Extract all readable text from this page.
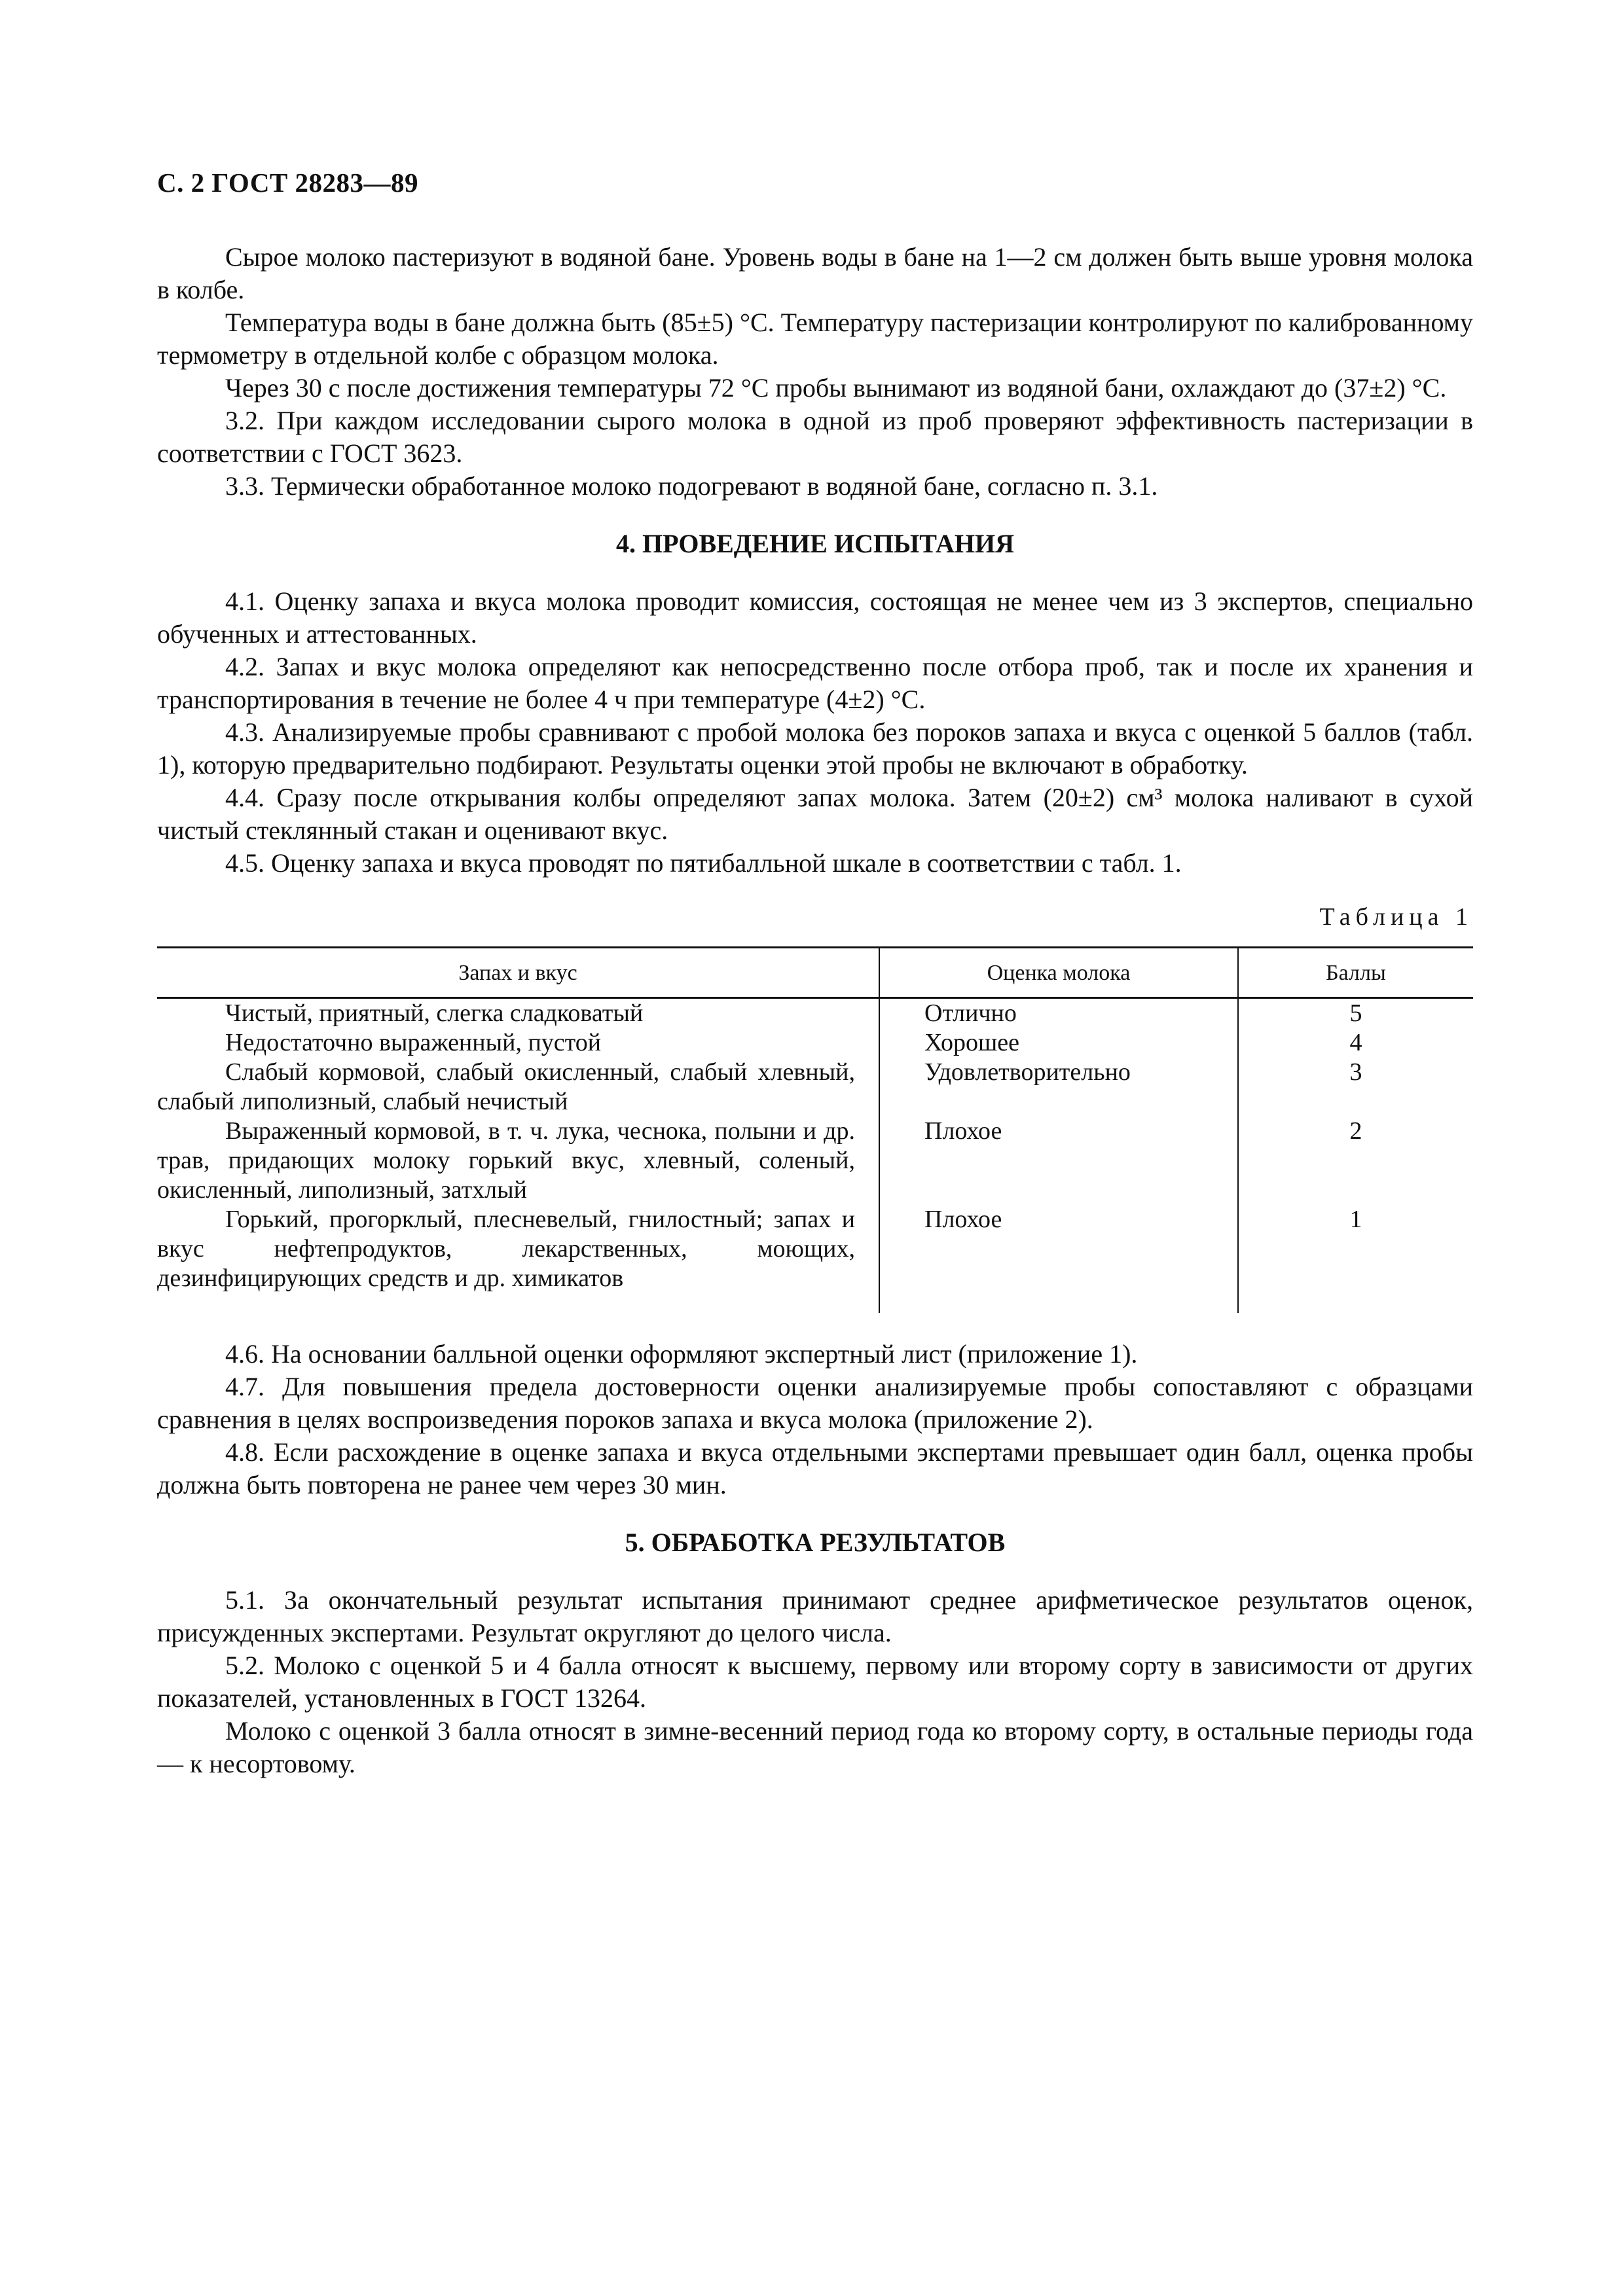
С. 2 ГОСТ 28283—89

Сырое молоко пастеризуют в водяной бане. Уровень воды в бане на 1—2 см должен быть выше уровня молока в колбе.

Температура воды в бане должна быть (85±5) °С. Температуру пастеризации контролируют по калиброванному термометру в отдельной колбе с образцом молока.

Через 30 с после достижения температуры 72 °С пробы вынимают из водяной бани, охлаждают до (37±2) °С.

3.2. При каждом исследовании сырого молока в одной из проб проверяют эффективность пастеризации в соответствии с ГОСТ 3623.

3.3. Термически обработанное молоко подогревают в водяной бане, согласно п. 3.1.

4. ПРОВЕДЕНИЕ ИСПЫТАНИЯ

4.1. Оценку запаха и вкуса молока проводит комиссия, состоящая не менее чем из 3 экспертов, специально обученных и аттестованных.

4.2. Запах и вкус молока определяют как непосредственно после отбора проб, так и после их хранения и транспортирования в течение не более 4 ч при температуре (4±2) °С.

4.3. Анализируемые пробы сравнивают с пробой молока без пороков запаха и вкуса с оценкой 5 баллов (табл. 1), которую предварительно подбирают. Результаты оценки этой пробы не включают в обработку.

4.4. Сразу после открывания колбы определяют запах молока. Затем (20±2) см³ молока наливают в сухой чистый стеклянный стакан и оценивают вкус.

4.5. Оценку запаха и вкуса проводят по пятибалльной шкале в соответствии с табл. 1.

Таблица 1
Запах и вкус	Оценка молока	Баллы

Чистый, приятный, слегка сладковатый	Отлично	5

Недостаточно выраженный, пустой	Хорошее	4

Слабый кормовой, слабый окисленный, слабый хлевный, слабый липолизный, слабый нечистый	Удовлетворительно	3

Выраженный кормовой, в т. ч. лука, чеснока, полыни и др. трав, придающих молоку горький вкус, хлевный, соленый, окисленный, липолизный, затхлый	Плохое	2

Горький, прогорклый, плесневелый, гнилостный; запах и вкус нефтепродуктов, лекарственных, моющих, дезинфицирующих средств и др. химикатов	Плохое	1

4.6. На основании балльной оценки оформляют экспертный лист (приложение 1).

4.7. Для повышения предела достоверности оценки анализируемые пробы сопоставляют с образцами сравнения в целях воспроизведения пороков запаха и вкуса молока (приложение 2).

4.8. Если расхождение в оценке запаха и вкуса отдельными экспертами превышает один балл, оценка пробы должна быть повторена не ранее чем через 30 мин.

5. ОБРАБОТКА РЕЗУЛЬТАТОВ

5.1. За окончательный результат испытания принимают среднее арифметическое результатов оценок, присужденных экспертами. Результат округляют до целого числа.

5.2. Молоко с оценкой 5 и 4 балла относят к высшему, первому или второму сорту в зависимости от других показателей, установленных в ГОСТ 13264.

Молоко с оценкой 3 балла относят в зимне-весенний период года ко второму сорту, в остальные периоды года — к несортовому.
